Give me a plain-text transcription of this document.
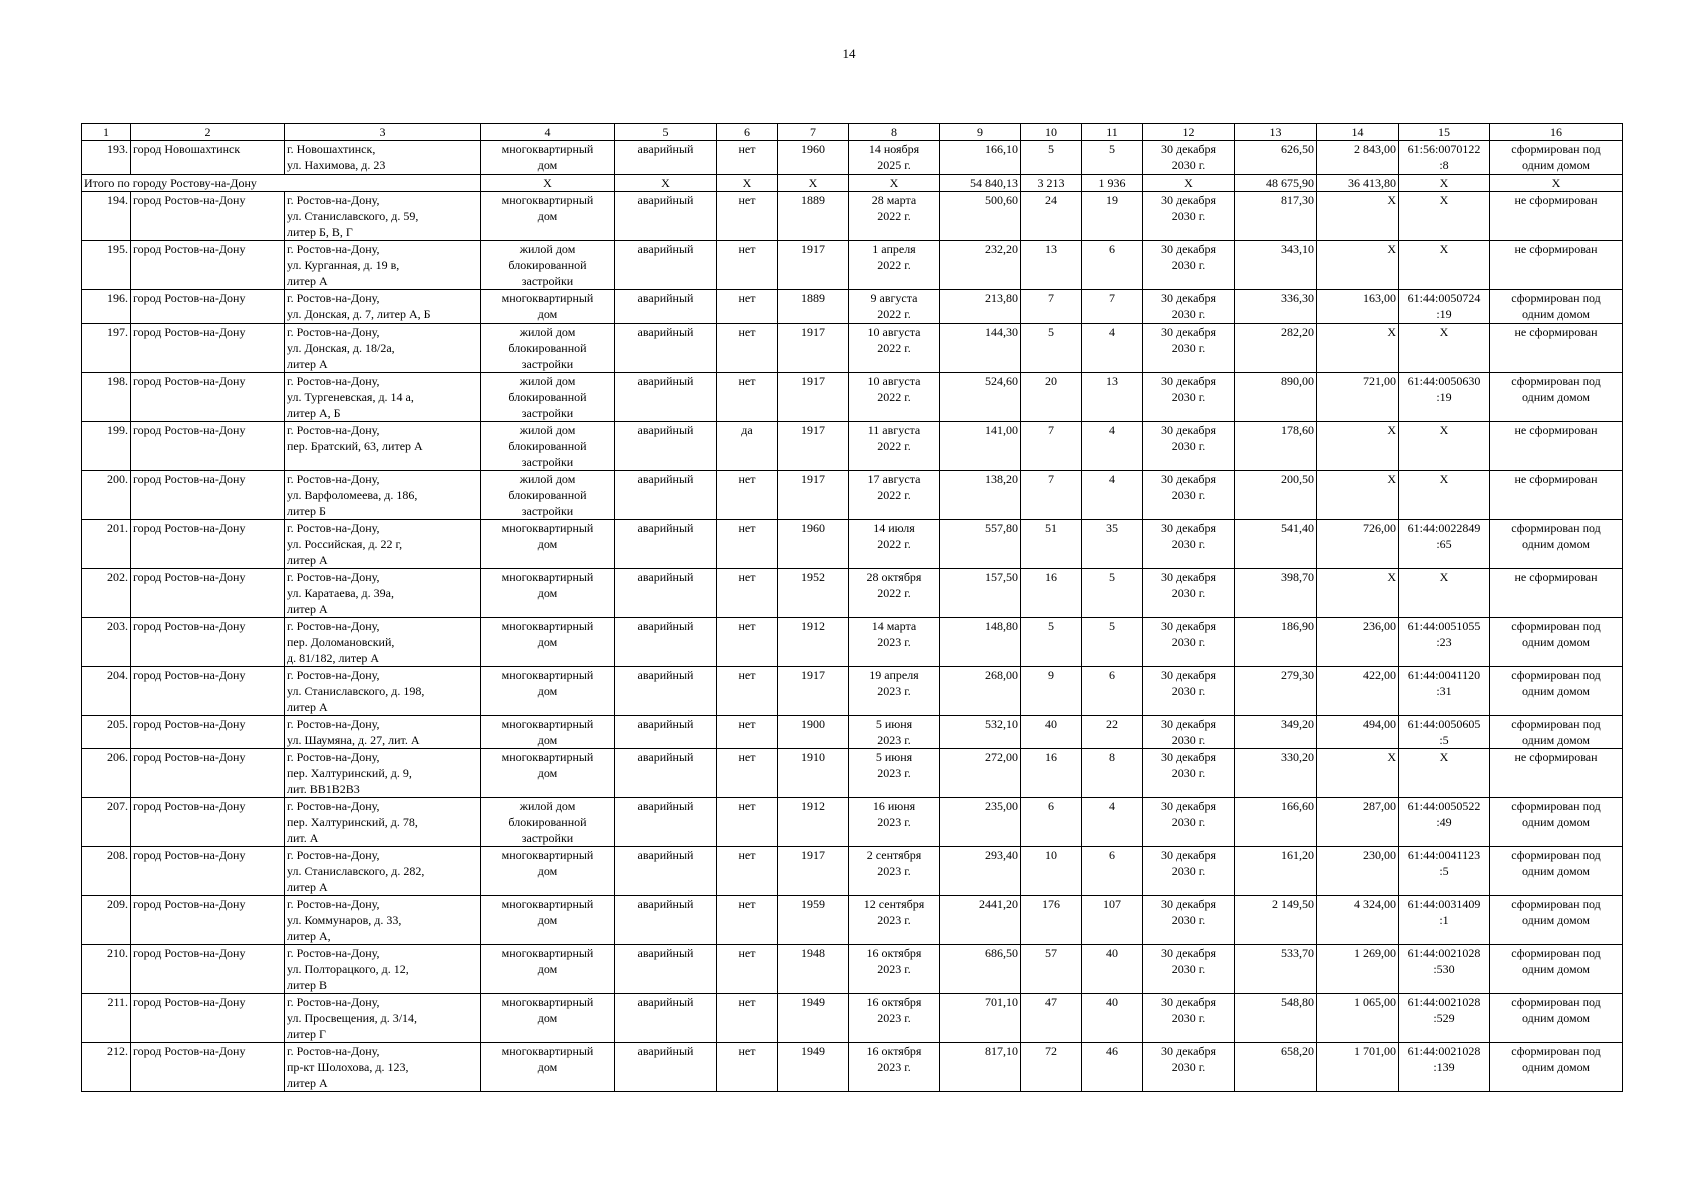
14
1	2	3	4	5	6	7	8	9	10	11	12	13	14	15	16
193.	город Новошахтинск	г. Новошахтинск,
ул. Нахимова, д. 23	многоквартирный
дом	аварийный	нет	1960	14 ноября
2025 г.	166,10	5	5	30 декабря
2030 г.	626,50	2 843,00	61:56:0070122
:8	сформирован под
одним домом
Итого по городу Ростову-на-Дону			X	X	X	X	X	54 840,13	3 213	1 936	X	48 675,90	36 413,80	X	X
194.	город Ростов-на-Дону	г. Ростов-на-Дону,
ул. Станиславского, д. 59,
литер Б, В, Г	многоквартирный
дом	аварийный	нет	1889	28 марта
2022 г.	500,60	24	19	30 декабря
2030 г.	817,30	X	X	не сформирован
195.	город Ростов-на-Дону	г. Ростов-на-Дону,
ул. Курганная, д. 19 в,
литер А	жилой дом
блокированной
застройки	аварийный	нет	1917	1 апреля
2022 г.	232,20	13	6	30 декабря
2030 г.	343,10	X	X	не сформирован
196.	город Ростов-на-Дону	г. Ростов-на-Дону,
ул. Донская, д. 7, литер А, Б	многоквартирный
дом	аварийный	нет	1889	9 августа
2022 г.	213,80	7	7	30 декабря
2030 г.	336,30	163,00	61:44:0050724
:19	сформирован под
одним домом
197.	город Ростов-на-Дону	г. Ростов-на-Дону,
ул. Донская, д. 18/2а,
литер А	жилой дом
блокированной
застройки	аварийный	нет	1917	10 августа
2022 г.	144,30	5	4	30 декабря
2030 г.	282,20	X	X	не сформирован
198.	город Ростов-на-Дону	г. Ростов-на-Дону,
ул. Тургеневская, д. 14 а,
литер А, Б	жилой дом
блокированной
застройки	аварийный	нет	1917	10 августа
2022 г.	524,60	20	13	30 декабря
2030 г.	890,00	721,00	61:44:0050630
:19	сформирован под
одним домом
199.	город Ростов-на-Дону	г. Ростов-на-Дону,
пер. Братский, 63, литер А	жилой дом
блокированной
застройки	аварийный	да	1917	11 августа
2022 г.	141,00	7	4	30 декабря
2030 г.	178,60	X	X	не сформирован
200.	город Ростов-на-Дону	г. Ростов-на-Дону,
ул. Варфоломеева, д. 186,
литер Б	жилой дом
блокированной
застройки	аварийный	нет	1917	17 августа
2022 г.	138,20	7	4	30 декабря
2030 г.	200,50	X	X	не сформирован
201.	город Ростов-на-Дону	г. Ростов-на-Дону,
ул. Российская, д. 22 г,
литер А	многоквартирный
дом	аварийный	нет	1960	14 июля
2022 г.	557,80	51	35	30 декабря
2030 г.	541,40	726,00	61:44:0022849
:65	сформирован под
одним домом
202.	город Ростов-на-Дону	г. Ростов-на-Дону,
ул. Каратаева, д. 39а,
литер А	многоквартирный
дом	аварийный	нет	1952	28 октября
2022 г.	157,50	16	5	30 декабря
2030 г.	398,70	X	X	не сформирован
203.	город Ростов-на-Дону	г. Ростов-на-Дону,
пер. Доломановский,
д. 81/182, литер А	многоквартирный
дом	аварийный	нет	1912	14 марта
2023 г.	148,80	5	5	30 декабря
2030 г.	186,90	236,00	61:44:0051055
:23	сформирован под
одним домом
204.	город Ростов-на-Дону	г. Ростов-на-Дону,
ул. Станиславского, д. 198,
литер А	многоквартирный
дом	аварийный	нет	1917	19 апреля
2023 г.	268,00	9	6	30 декабря
2030 г.	279,30	422,00	61:44:0041120
:31	сформирован под
одним домом
205.	город Ростов-на-Дону	г. Ростов-на-Дону,
ул. Шаумяна, д. 27, лит. А	многоквартирный
дом	аварийный	нет	1900	5 июня
2023 г.	532,10	40	22	30 декабря
2030 г.	349,20	494,00	61:44:0050605
:5	сформирован под
одним домом
206.	город Ростов-на-Дону	г. Ростов-на-Дону,
пер. Халтуринский, д. 9,
лит. ВВ1В2В3	многоквартирный
дом	аварийный	нет	1910	5 июня
2023 г.	272,00	16	8	30 декабря
2030 г.	330,20	X	X	не сформирован
207.	город Ростов-на-Дону	г. Ростов-на-Дону,
пер. Халтуринский, д. 78,
лит. А	жилой дом
блокированной
застройки	аварийный	нет	1912	16 июня
2023 г.	235,00	6	4	30 декабря
2030 г.	166,60	287,00	61:44:0050522
:49	сформирован под
одним домом
208.	город Ростов-на-Дону	г. Ростов-на-Дону,
ул. Станиславского, д. 282,
литер А	многоквартирный
дом	аварийный	нет	1917	2 сентября
2023 г.	293,40	10	6	30 декабря
2030 г.	161,20	230,00	61:44:0041123
:5	сформирован под
одним домом
209.	город Ростов-на-Дону	г. Ростов-на-Дону,
ул. Коммунаров, д. 33,
литер А,	многоквартирный
дом	аварийный	нет	1959	12 сентября
2023 г.	2441,20	176	107	30 декабря
2030 г.	2 149,50	4 324,00	61:44:0031409
:1	сформирован под
одним домом
210.	город Ростов-на-Дону	г. Ростов-на-Дону,
ул. Полторацкого, д. 12,
литер В	многоквартирный
дом	аварийный	нет	1948	16 октября
2023 г.	686,50	57	40	30 декабря
2030 г.	533,70	1 269,00	61:44:0021028
:530	сформирован под
одним домом
211.	город Ростов-на-Дону	г. Ростов-на-Дону,
ул. Просвещения, д. 3/14,
литер Г	многоквартирный
дом	аварийный	нет	1949	16 октября
2023 г.	701,10	47	40	30 декабря
2030 г.	548,80	1 065,00	61:44:0021028
:529	сформирован под
одним домом
212.	город Ростов-на-Дону	г. Ростов-на-Дону,
пр-кт Шолохова, д. 123,
литер А	многоквартирный
дом	аварийный	нет	1949	16 октября
2023 г.	817,10	72	46	30 декабря
2030 г.	658,20	1 701,00	61:44:0021028
:139	сформирован под
одним домом
